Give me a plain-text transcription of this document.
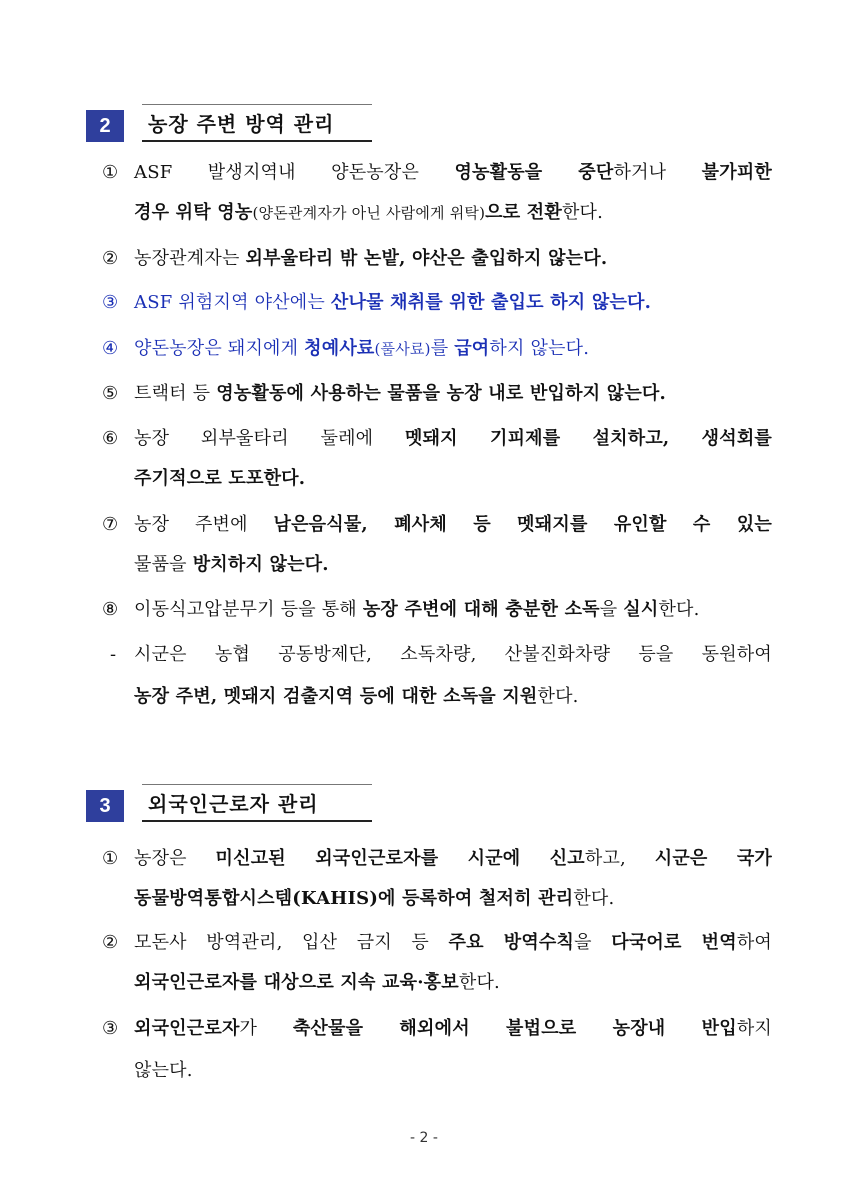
2	농장 주변 방역 관리
① ASF 발생지역내 양돈농장은 영농활동을 중단하거나 불가피한
경우 위탁 영농(양돈관계자가 아닌 사람에게 위탁)으로 전환한다.
② 농장관계자는 외부울타리 밖 논밭, 야산은 출입하지 않는다.
③ ASF 위험지역 야산에는 산나물 채취를 위한 출입도 하지 않는다.
④ 양돈농장은 돼지에게 청예사료(풀사료)를 급여하지 않는다.
⑤ 트랙터 등 영농활동에 사용하는 물품을 농장 내로 반입하지 않는다.
⑥ 농장 외부울타리 둘레에 멧돼지 기피제를 설치하고, 생석회를
주기적으로 도포한다.
⑦ 농장 주변에 남은음식물, 폐사체 등 멧돼지를 유인할 수 있는
물품을 방치하지 않는다.
⑧ 이동식고압분무기 등을 통해 농장 주변에 대해 충분한 소독을 실시한다.
- 시군은 농협 공동방제단, 소독차량, 산불진화차량 등을 동원하여
농장 주변, 멧돼지 검출지역 등에 대한 소독을 지원한다.
3	외국인근로자 관리
① 농장은 미신고된 외국인근로자를 시군에 신고하고, 시군은 국가
동물방역통합시스템(KAHIS)에 등록하여 철저히 관리한다.
② 모돈사 방역관리, 입산 금지 등 주요 방역수칙을 다국어로 번역하여
외국인근로자를 대상으로 지속 교육·홍보한다.
③ 외국인근로자가 축산물을 해외에서 불법으로 농장내 반입하지
않는다.
- 2 -
